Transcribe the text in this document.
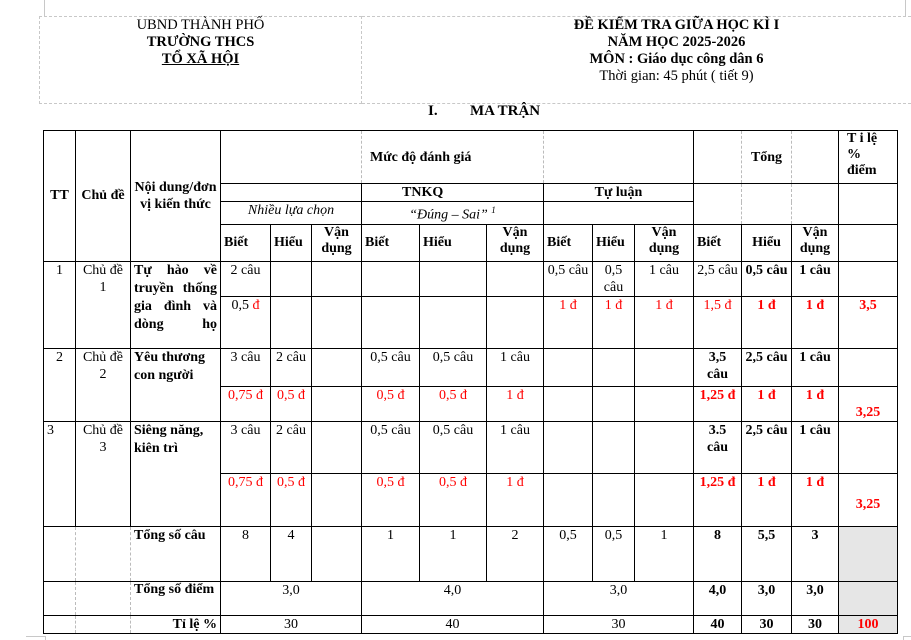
UBND THÀNH PHỐ
TRƯỜNG THCS
TỔ XÃ HỘI
ĐỀ KIỂM TRA GIỮA HỌC KÌ I
NĂM HỌC 2025-2026
MÔN : Giáo dục công dân 6
Thời gian: 45 phút ( tiết 9)
I. MA TRẬN
TT	Chủ đề	Nội dung/đơn vị kiến thức				Mức độ đánh giá							Tổng		T i lệ % điểm
						TNKQ			Tự luận						
			Nhiều lựa chọn			“Đúng – Sai” $^1$	
			Biết	Hiểu	Vận dụng	Biết	Hiểu	Vận dụng	Biết	Hiểu	Vận dụng	Biết	Hiểu	Vận dụng	
1	Chủ đề 1	Tự hào về truyền thống gia đình và dòng họ	2 câu						0,5 câu	0,5 câu	1 câu	2,5 câu	0,5 câu	1 câu	
			0,5 đ						1 đ	1 đ	1 đ	1,5 đ	1 đ	1 đ	3,5
2	Chủ đề 2	Yêu thương con người	3 câu	2 câu		0,5 câu	0,5 câu	1 câu				3,5 câu	2,5 câu	1 câu	
			0,75 đ	0,5 đ		0,5 đ	0,5 đ	1 đ				1,25 đ	1 đ	1 đ	3,25
3	Chủ đề 3	Siêng năng, kiên trì	3 câu	2 câu		0,5 câu	0,5 câu	1 câu				3.5 câu	2,5 câu	1 câu	
			0,75 đ	0,5 đ		0,5 đ	0,5 đ	1 đ				1,25 đ	1 đ	1 đ	3,25
		Tổng số câu	8	4		1	1	2	0,5	0,5	1	8	5,5	3	
		Tổng số điểm	3,0			4,0			3,0			4,0	3,0	3,0	
		Tỉ lệ %	30			40			30			40	30	30	100
